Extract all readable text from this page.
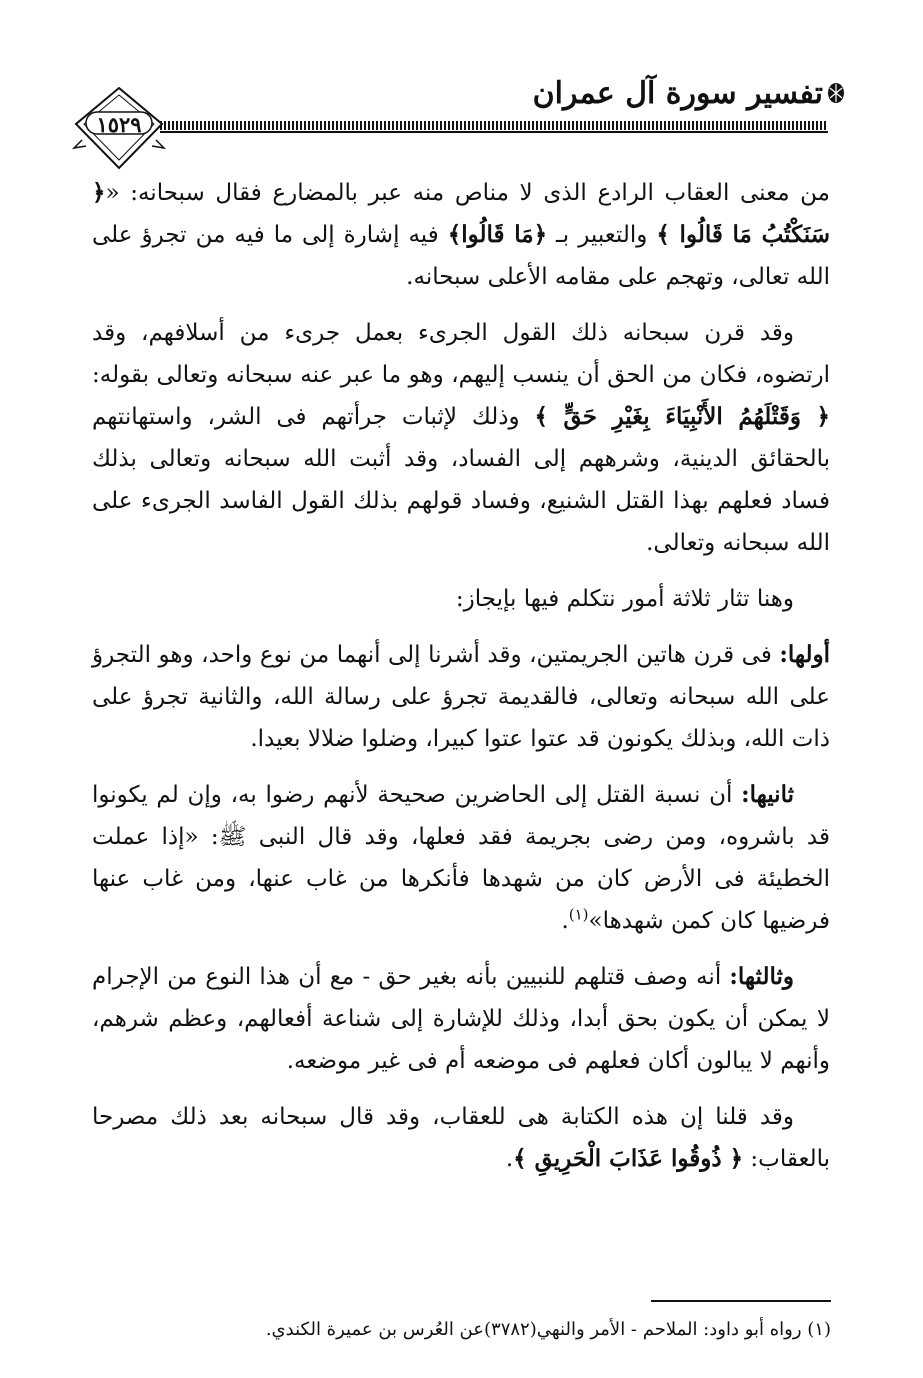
تفسير سورة آل عمران
١٥٢٩

من معنى العقاب الرادع الذى لا مناص منه عبر بالمضارع فقال سبحانه: «﴿ سَنَكْتُبُ مَا قَالُوا ﴾ والتعبير بـ ﴿مَا قَالُوا﴾ فيه إشارة إلى ما فيه من تجرؤ على الله تعالى، وتهجم على مقامه الأعلى سبحانه.

وقد قرن سبحانه ذلك القول الجرىء بعمل جرىء من أسلافهم، وقد ارتضوه، فكان من الحق أن ينسب إليهم، وهو ما عبر عنه سبحانه وتعالى بقوله: ﴿ وَقَتْلَهُمُ الأَنْبِيَاءَ بِغَيْرِ حَقٍّ ﴾ وذلك لإثبات جرأتهم فى الشر، واستهانتهم بالحقائق الدينية، وشرههم إلى الفساد، وقد أثبت الله سبحانه وتعالى بذلك فساد فعلهم بهذا القتل الشنيع، وفساد قولهم بذلك القول الفاسد الجرىء على الله سبحانه وتعالى.

وهنا تثار ثلاثة أمور نتكلم فيها بإيجاز:

أولها: فى قرن هاتين الجريمتين، وقد أشرنا إلى أنهما من نوع واحد، وهو التجرؤ على الله سبحانه وتعالى، فالقديمة تجرؤ على رسالة الله، والثانية تجرؤ على ذات الله، وبذلك يكونون قد عتوا عتوا كبيرا، وضلوا ضلالا بعيدا.

ثانيها: أن نسبة القتل إلى الحاضرين صحيحة لأنهم رضوا به، وإن لم يكونوا قد باشروه، ومن رضى بجريمة فقد فعلها، وقد قال النبى ﷺ: «إذا عملت الخطيئة فى الأرض كان من شهدها فأنكرها من غاب عنها، ومن غاب عنها فرضيها كان كمن شهدها»$^{(١)}$.

وثالثها: أنه وصف قتلهم للنبيين بأنه بغير حق - مع أن هذا النوع من الإجرام لا يمكن أن يكون بحق أبدا، وذلك للإشارة إلى شناعة أفعالهم، وعظم شرهم، وأنهم لا يبالون أكان فعلهم فى موضعه أم فى غير موضعه.

وقد قلنا إن هذه الكتابة هى للعقاب، وقد قال سبحانه بعد ذلك مصرحا بالعقاب: ﴿ ذُوقُوا عَذَابَ الْحَرِيقِ ﴾.

(١) رواه أبو داود: الملاحم - الأمر والنهي(٣٧٨٢)عن العُرس بن عميرة الكندي.
